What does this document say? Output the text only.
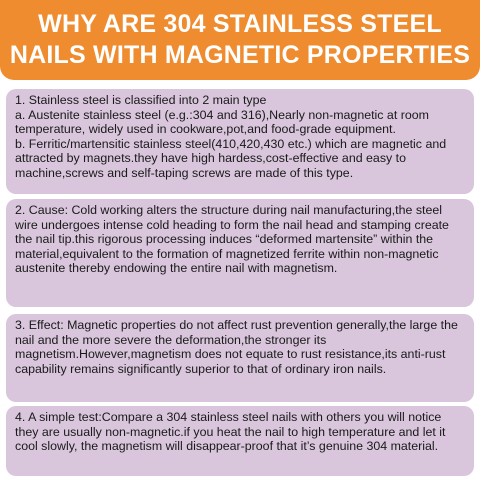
WHY ARE 304 STAINLESS STEEL
NAILS WITH MAGNETIC PROPERTIES

1. Stainless steel is classified into 2 main type

a. Austenite stainless steel (e.g.:304 and 316),Nearly non-magnetic at room temperature, widely used in cookware,pot,and food-grade equipment.

b. Ferritic/martensitic stainless steel(410,420,430 etc.) which are magnetic and attracted by magnets.they have high hardess,cost-effective and easy to machine,screws and self-taping screws are made of this type.

2. Cause: Cold working alters the structure during nail manufacturing,the steel wire undergoes intense cold heading to form the nail head and stamping create the nail tip.this rigorous processing induces “deformed martensite” within the material,equivalent to the formation of magnetized ferrite within non-magnetic austenite thereby endowing the entire nail with magnetism.

3. Effect: Magnetic properties do not affect rust prevention generally,the large the nail and the more severe the deformation,the stronger its magnetism.However,magnetism does not equate to rust resistance,its anti-rust capability remains significantly superior to that of ordinary iron nails.

4. A simple test:Compare a 304 stainless steel nails with others you will notice they are usually non-magnetic.if you heat the nail to high temperature and let it cool slowly, the magnetism will disappear-proof that it’s genuine 304 material.
